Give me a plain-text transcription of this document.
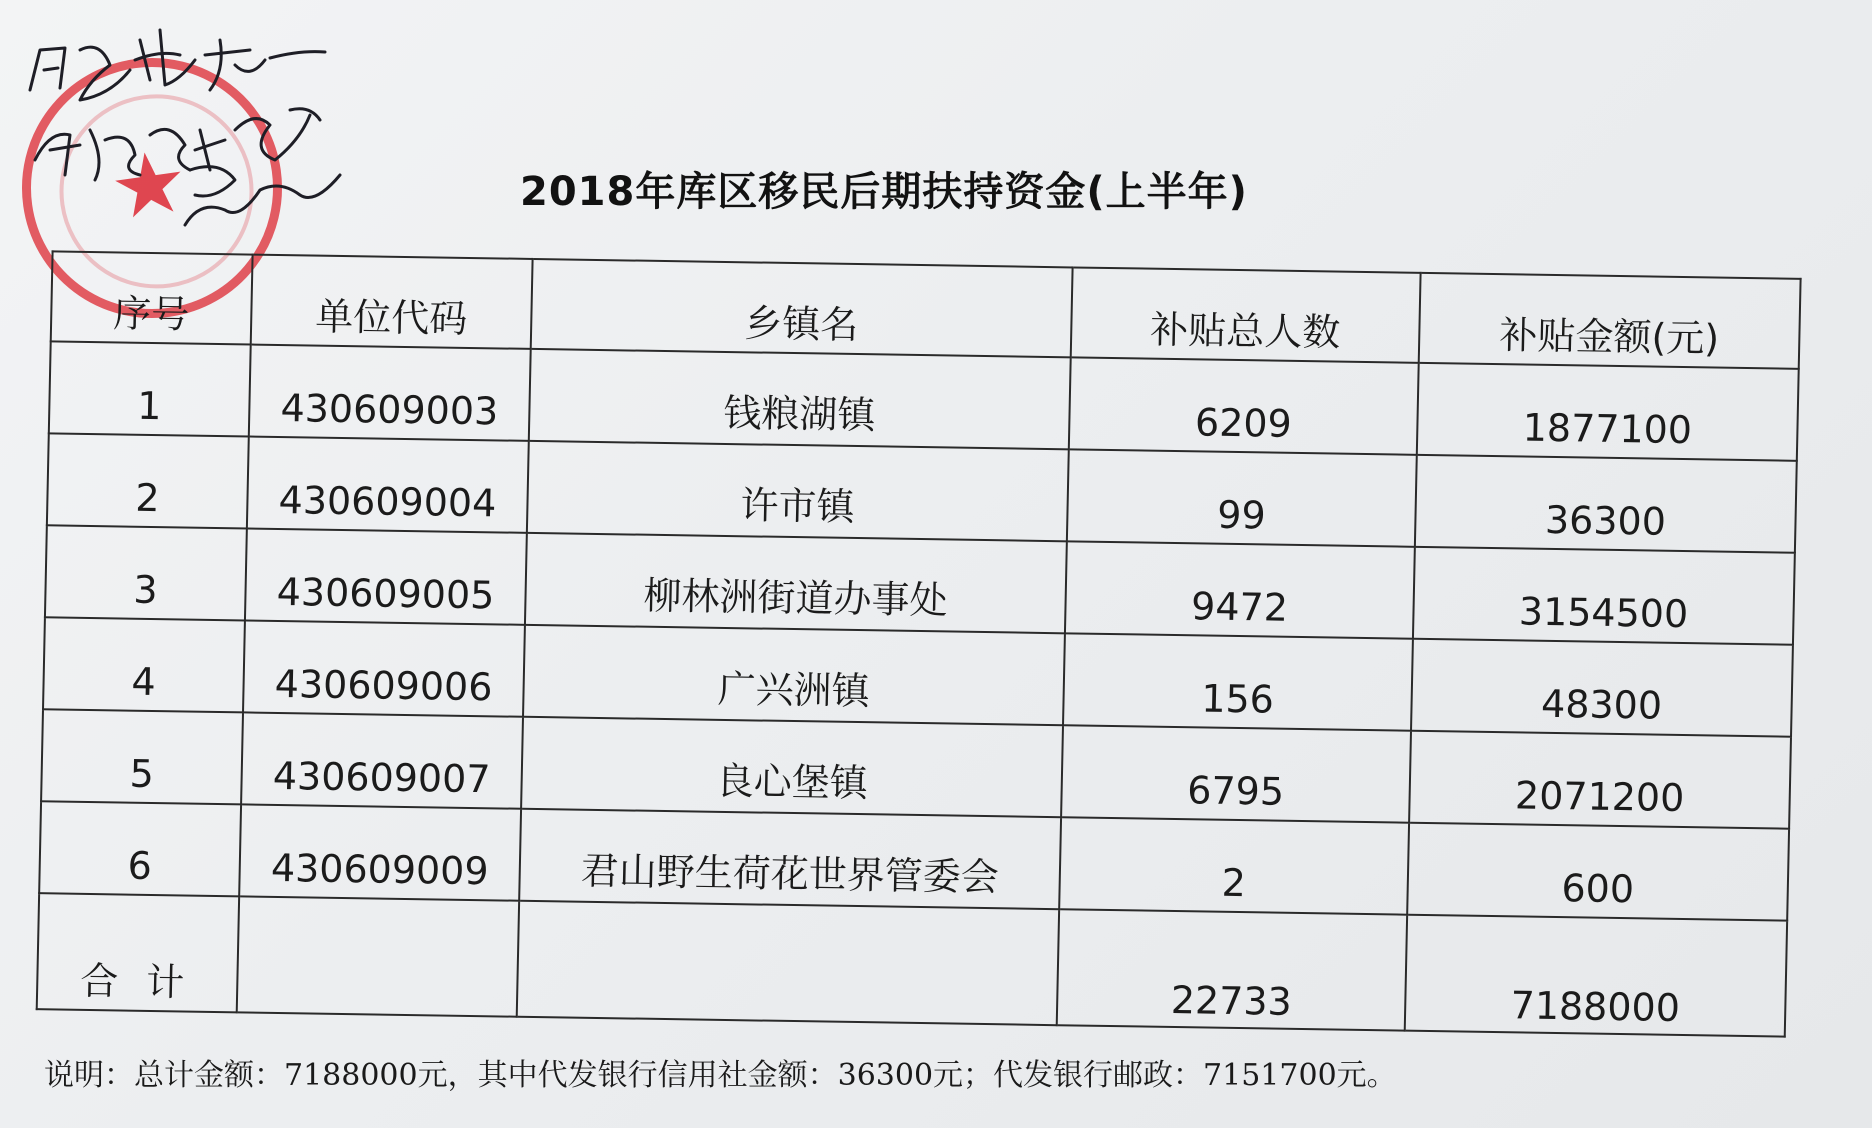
★	2018年库区移民后期扶持资金(上半年)
序号	单位代码	乡镇名	补贴总人数	补贴金额(元)
1	430609003	钱粮湖镇	6209	1877100
2	430609004	许市镇	99	36300
3	430609005	柳林洲街道办事处	9472	3154500
4	430609006	广兴洲镇	156	48300
5	430609007	良心堡镇	6795	2071200
6	430609009	君山野生荷花世界管委会	2	600
合计			22733	7188000
说明：总计金额：7188000元，其中代发银行信用社金额：36300元；代发银行邮政：7151700元。
